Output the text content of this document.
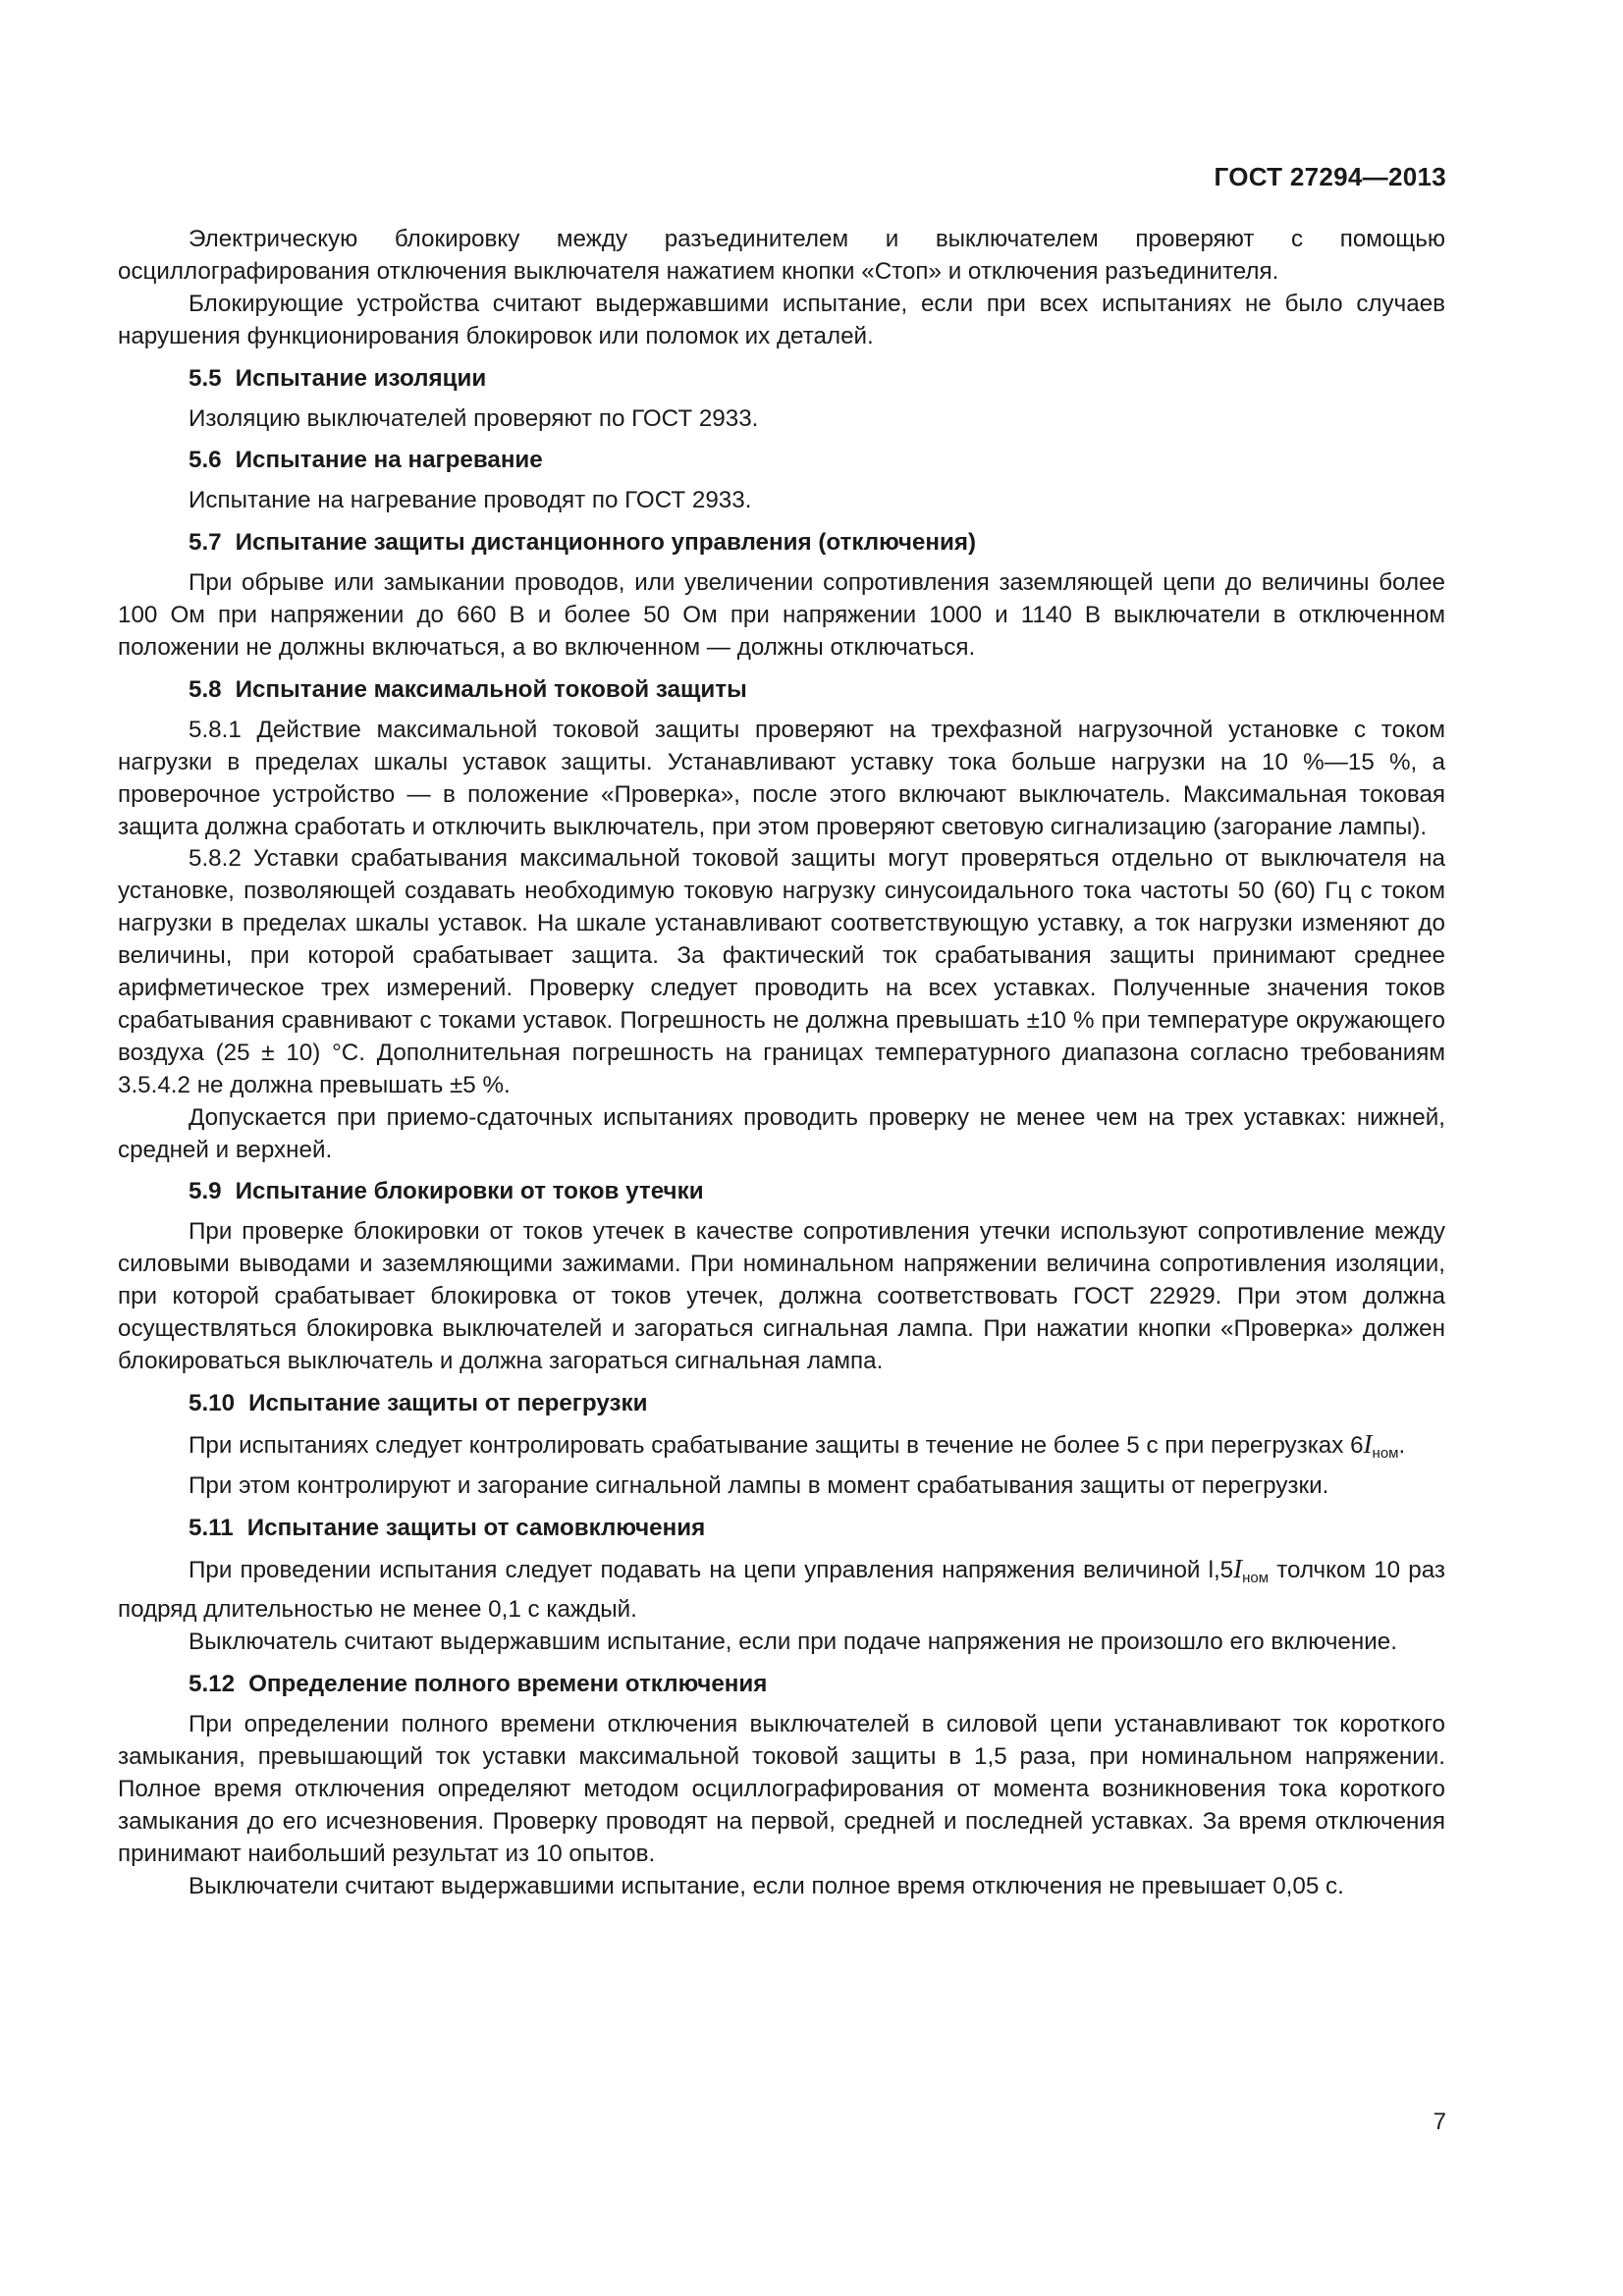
ГОСТ 27294—2013

Электрическую блокировку между разъединителем и выключателем проверяют с помощью осциллографирования отключения выключателя нажатием кнопки «Стоп» и отключения разъединителя.

Блокирующие устройства считают выдержавшими испытание, если при всех испытаниях не было случаев нарушения функционирования блокировок или поломок их деталей.

5.5 Испытание изоляции

Изоляцию выключателей проверяют по ГОСТ 2933.

5.6 Испытание на нагревание

Испытание на нагревание проводят по ГОСТ 2933.

5.7 Испытание защиты дистанционного управления (отключения)

При обрыве или замыкании проводов, или увеличении сопротивления заземляющей цепи до величины более 100 Ом при напряжении до 660 В и более 50 Ом при напряжении 1000 и 1140 В выключатели в отключенном положении не должны включаться, а во включенном — должны отключаться.

5.8 Испытание максимальной токовой защиты

5.8.1 Действие максимальной токовой защиты проверяют на трехфазной нагрузочной установке с током нагрузки в пределах шкалы уставок защиты. Устанавливают уставку тока больше нагрузки на 10 %—15 %, а проверочное устройство — в положение «Проверка», после этого включают выключатель. Максимальная токовая защита должна сработать и отключить выключатель, при этом проверяют световую сигнализацию (загорание лампы).

5.8.2 Уставки срабатывания максимальной токовой защиты могут проверяться отдельно от выключателя на установке, позволяющей создавать необходимую токовую нагрузку синусоидального тока частоты 50 (60) Гц с током нагрузки в пределах шкалы уставок. На шкале устанавливают соответствующую уставку, а ток нагрузки изменяют до величины, при которой срабатывает защита. За фактический ток срабатывания защиты принимают среднее арифметическое трех измерений. Проверку следует проводить на всех уставках. Полученные значения токов срабатывания сравнивают с токами уставок. Погрешность не должна превышать ±10 % при температуре окружающего воздуха (25 ± 10) °С. Дополнительная погрешность на границах температурного диапазона согласно требованиям 3.5.4.2 не должна превышать ±5 %.

Допускается при приемо-сдаточных испытаниях проводить проверку не менее чем на трех уставках: нижней, средней и верхней.

5.9 Испытание блокировки от токов утечки

При проверке блокировки от токов утечек в качестве сопротивления утечки используют сопротивление между силовыми выводами и заземляющими зажимами. При номинальном напряжении величина сопротивления изоляции, при которой срабатывает блокировка от токов утечек, должна соответствовать ГОСТ 22929. При этом должна осуществляться блокировка выключателей и загораться сигнальная лампа. При нажатии кнопки «Проверка» должен блокироваться выключатель и должна загораться сигнальная лампа.

5.10 Испытание защиты от перегрузки

При испытаниях следует контролировать срабатывание защиты в течение не более 5 с при перегрузках $6I_{ном}$.

При этом контролируют и загорание сигнальной лампы в момент срабатывания защиты от перегрузки.

5.11 Испытание защиты от самовключения

При проведении испытания следует подавать на цепи управления напряжения величиной $l,5I_{ном}$ толчком 10 раз подряд длительностью не менее 0,1 с каждый.

Выключатель считают выдержавшим испытание, если при подаче напряжения не произошло его включение.

5.12 Определение полного времени отключения

При определении полного времени отключения выключателей в силовой цепи устанавливают ток короткого замыкания, превышающий ток уставки максимальной токовой защиты в 1,5 раза, при номинальном напряжении. Полное время отключения определяют методом осциллографирования от момента возникновения тока короткого замыкания до его исчезновения. Проверку проводят на первой, средней и последней уставках. За время отключения принимают наибольший результат из 10 опытов.

Выключатели считают выдержавшими испытание, если полное время отключения не превышает 0,05 с.

7
